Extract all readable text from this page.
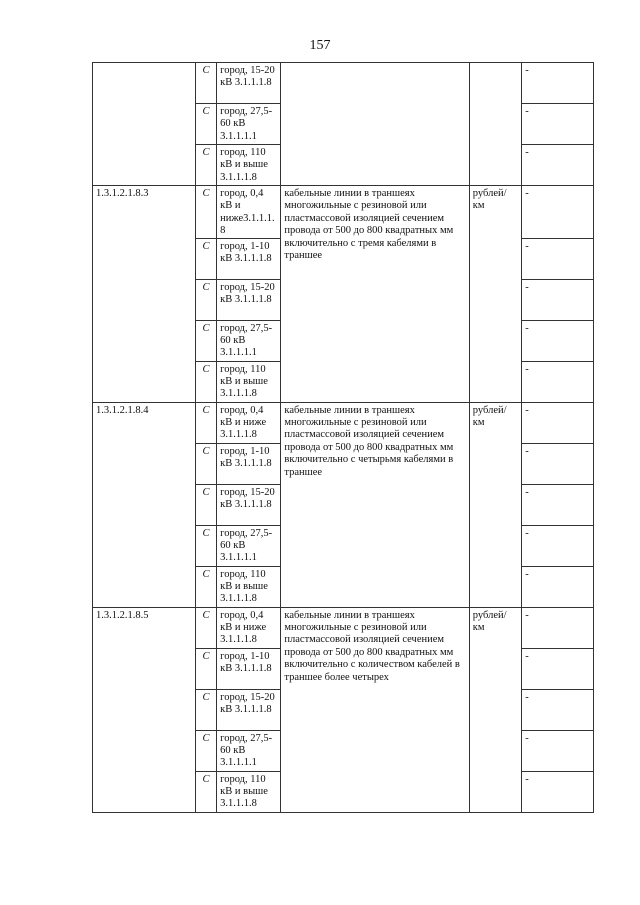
157
	С	город, 15-20 кВ 3.1.1.1.8			-
	С	город, 27,5-60 кВ 3.1.1.1.1			-
	С	город, 110 кВ и выше 3.1.1.1.8			-
1.3.1.2.1.8.3	С	город, 0,4 кВ и ниже3.1.1.1.8	кабельные линии в траншеях многожильные с резиновой или пластмассовой изоляцией сечением провода от 500 до 800 квадратных мм включительно с тремя кабелями в траншее	рублей/ км	-
	С	город, 1-10 кВ 3.1.1.1.8			-
	С	город, 15-20 кВ 3.1.1.1.8			-
	С	город, 27,5-60 кВ 3.1.1.1.1			-
	С	город, 110 кВ и выше 3.1.1.1.8			-
1.3.1.2.1.8.4	С	город, 0,4 кВ и ниже 3.1.1.1.8	кабельные линии в траншеях многожильные с резиновой или пластмассовой изоляцией сечением провода от 500 до 800 квадратных мм включительно с четырьмя кабелями в траншее	рублей/ км	-
	С	город, 1-10 кВ 3.1.1.1.8			-
	С	город, 15-20 кВ 3.1.1.1.8			-
	С	город, 27,5-60 кВ 3.1.1.1.1			-
	С	город, 110 кВ и выше 3.1.1.1.8			-
1.3.1.2.1.8.5	С	город, 0,4 кВ и ниже 3.1.1.1.8	кабельные линии в траншеях многожильные с резиновой или пластмассовой изоляцией сечением провода от 500 до 800 квадратных мм включительно с количеством кабелей в траншее более четырех	рублей/ км	-
	С	город, 1-10 кВ 3.1.1.1.8			-
	С	город, 15-20 кВ 3.1.1.1.8			-
	С	город, 27,5-60 кВ 3.1.1.1.1			-
	С	город, 110 кВ и выше 3.1.1.1.8			-
